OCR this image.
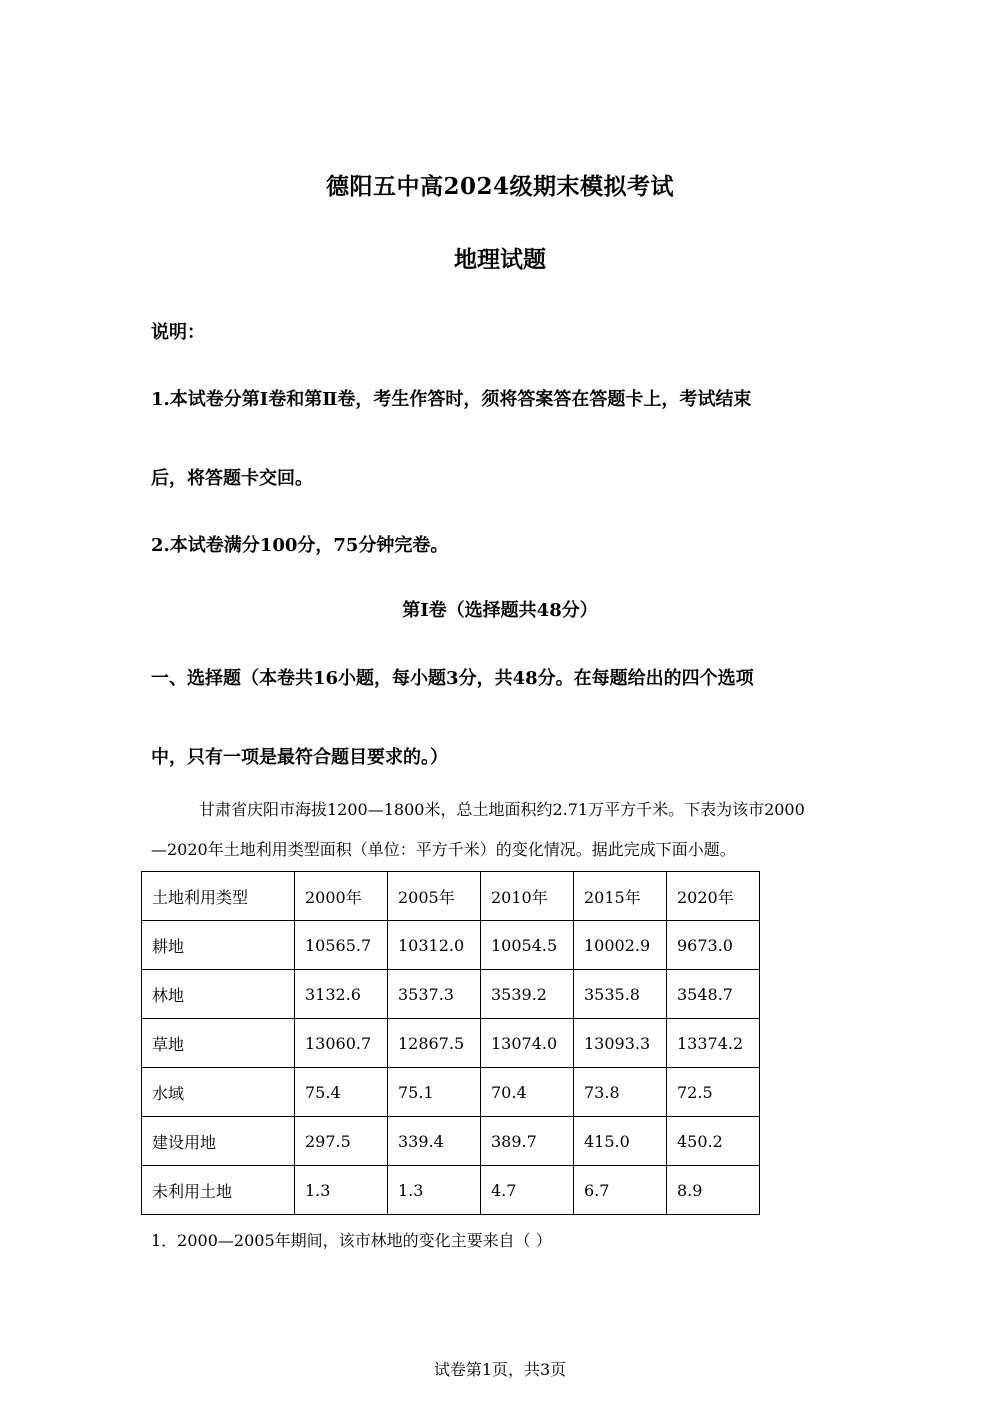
德阳五中高2024级期末模拟考试
地理试题
说明：
1.本试卷分第Ⅰ卷和第Ⅱ卷，考生作答时，须将答案答在答题卡上，考试结束
后，将答题卡交回。
2.本试卷满分100分，75分钟完卷。
第Ⅰ卷（选择题共48分）
一、选择题（本卷共16小题，每小题3分，共48分。在每题给出的四个选项
中，只有一项是最符合题目要求的。）
甘肃省庆阳市海拔1200—1800米，总土地面积约2.71万平方千米。下表为该市2000
—2020年土地利用类型面积（单位：平方千米）的变化情况。据此完成下面小题。
土地利用类型	2000年	2005年	2010年	2015年	2020年
耕地	10565.7	10312.0	10054.5	10002.9	9673.0
林地	3132.6	3537.3	3539.2	3535.8	3548.7
草地	13060.7	12867.5	13074.0	13093.3	13374.2
水域	75.4	75.1	70.4	73.8	72.5
建设用地	297.5	339.4	389.7	415.0	450.2
未利用土地	1.3	1.3	4.7	6.7	8.9
1．2000—2005年期间，该市林地的变化主要来自（ ）
试卷第1页，共3页
